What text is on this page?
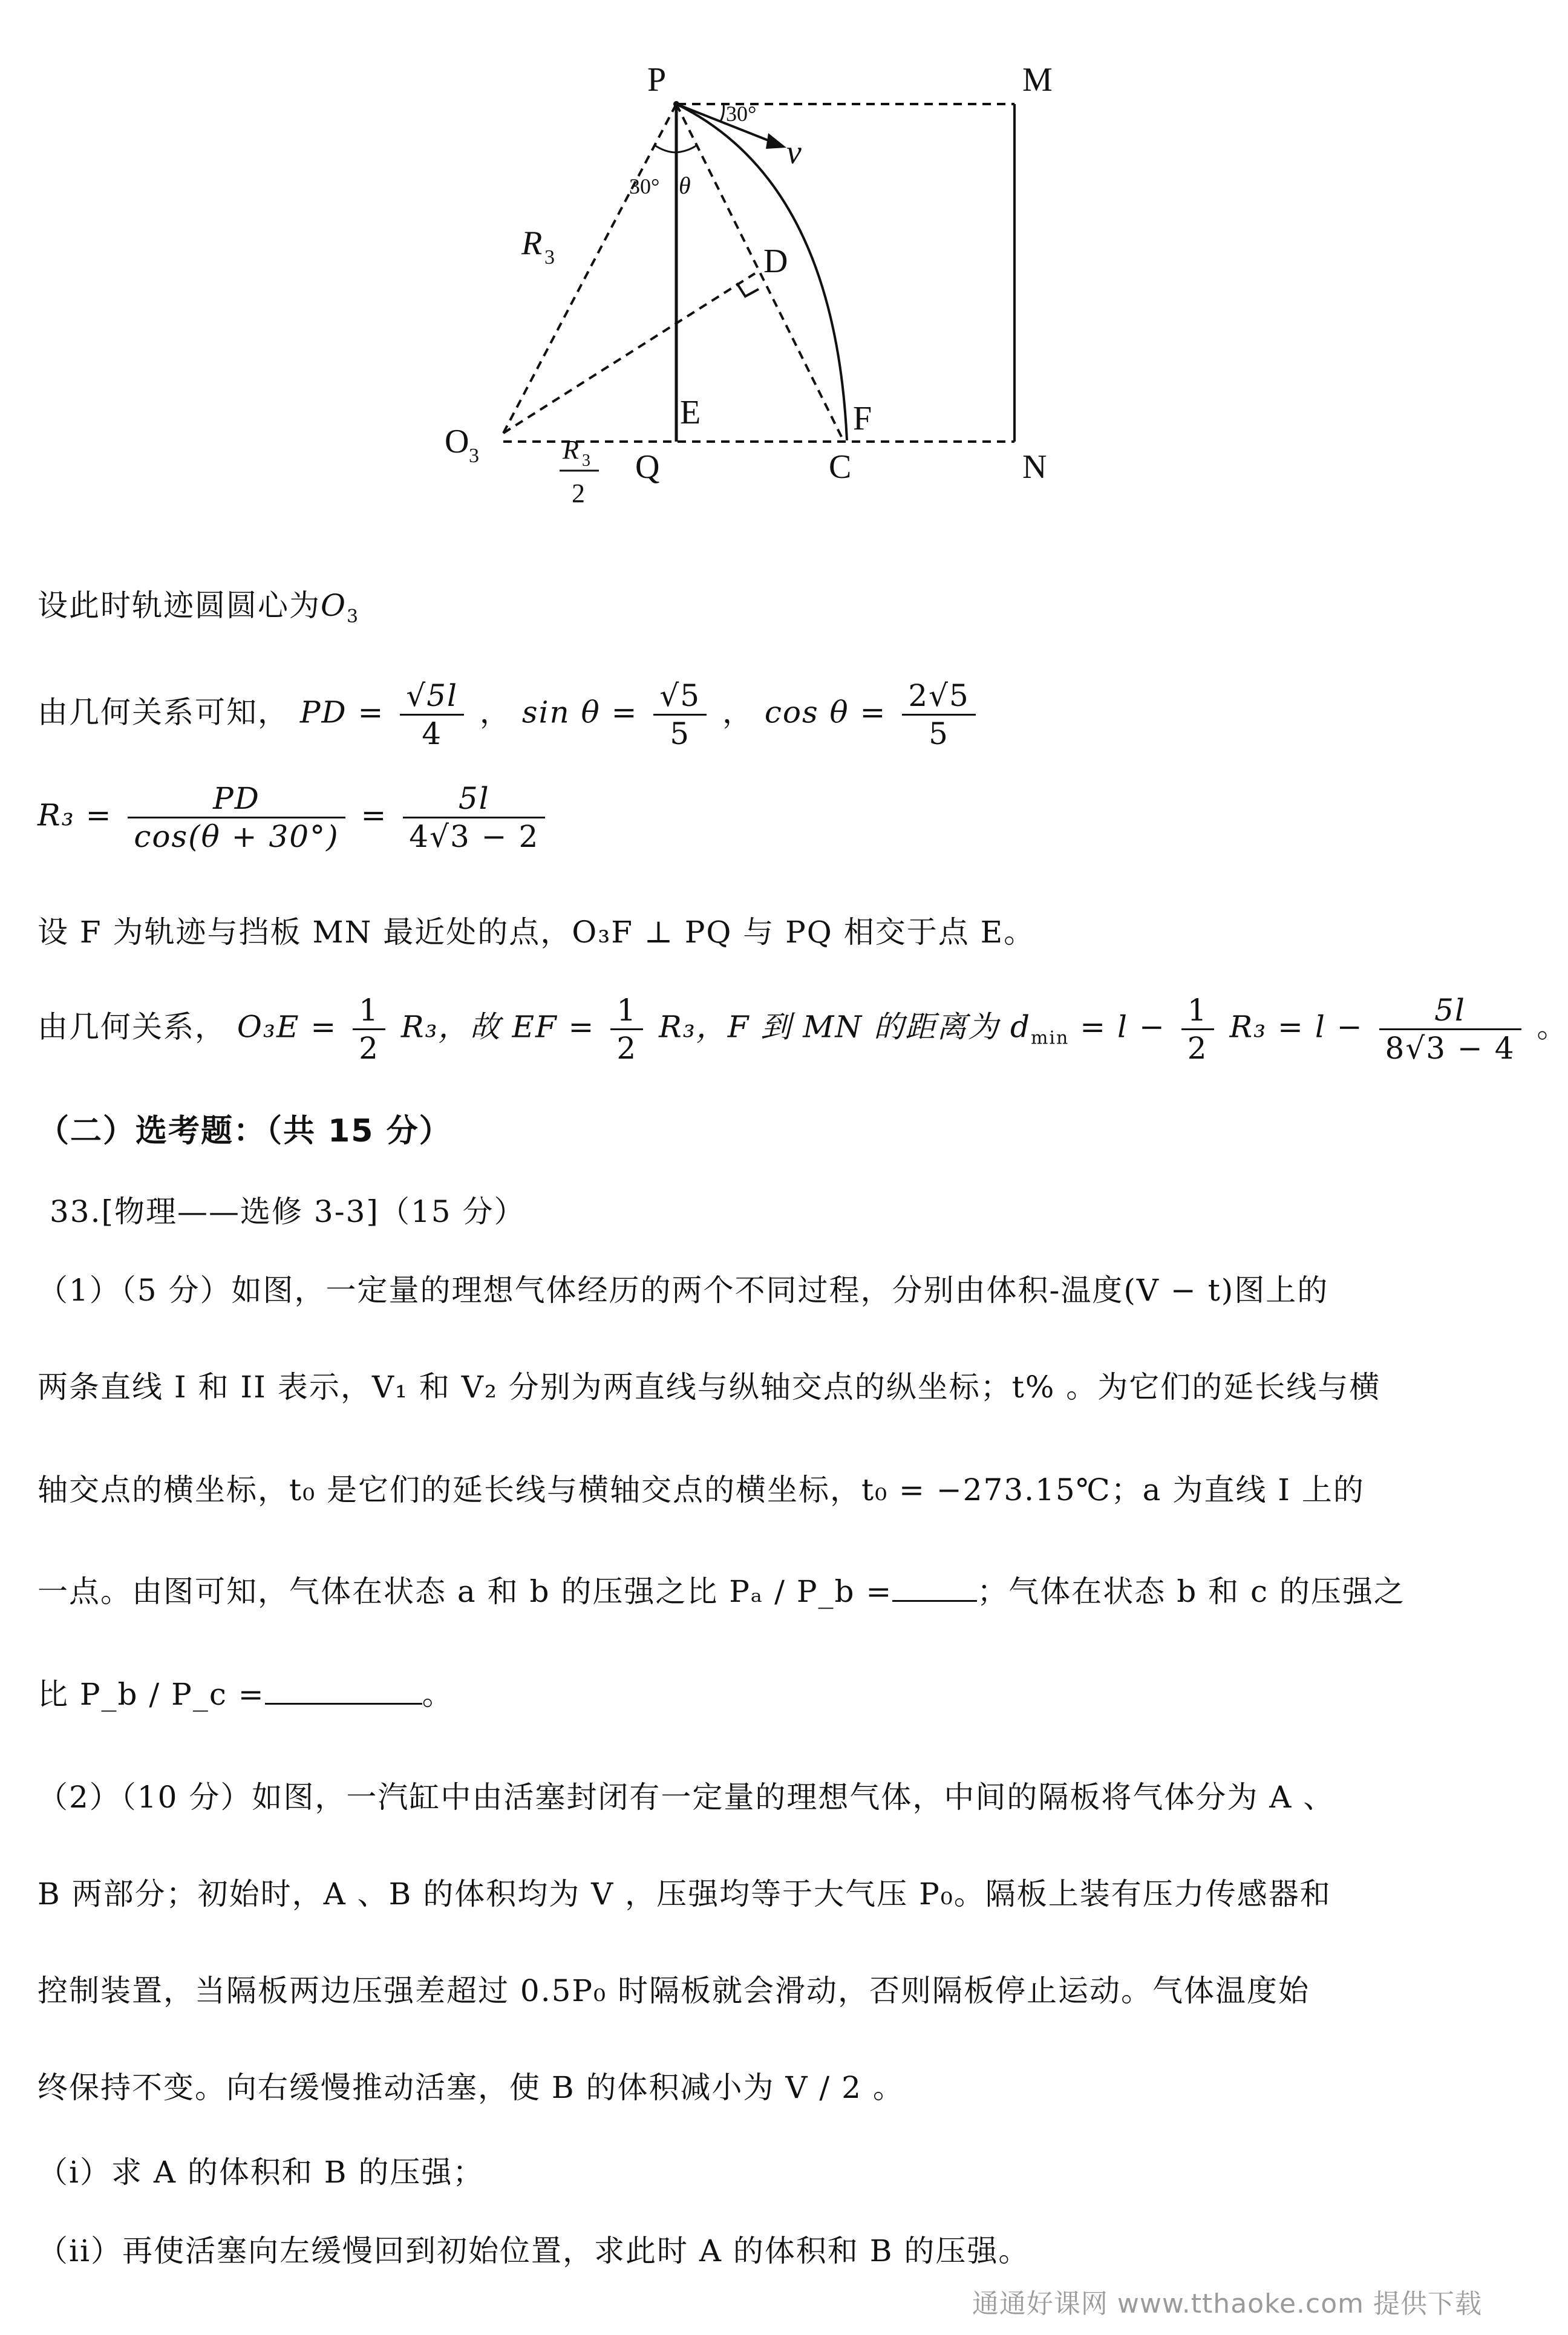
P	M
N
Q	C
E	F
D
O 3
R 3
R 3
2
v
30°
30° θ
设此时轨迹圆圆心为$O_3$
由几何关系可知， PD = $\frac{√5l}{4}$ ， $\sin \theta = \frac{√5}{5}$ ， $\cos \theta = \frac{2√5}{5}$
$R_3 = \frac{PD}{\cos(\theta + 30^\circ)} = \frac{5l}{4√3 - 2}$
设 F 为轨迹与挡板 MN 最近处的点，O₃F ⊥ PQ 与 PQ 相交于点 E。
由几何关系， $O_3E = \frac{1}{2} R_3$，故 EF = $\frac{1}{2} R_3$，F 到 MN 的距离为 $d_{min} = l - \frac{1}{2} R_3 = l - \frac{5l}{8√3 - 4}$ 。
（二）选考题：（共 15 分）
33.[物理——选修 3-3]（15 分）
（1）（5 分）如图，一定量的理想气体经历的两个不同过程，分别由体积-温度(V − t)图上的
两条直线 I 和 II 表示，V₁ 和 V₂ 分别为两直线与纵轴交点的纵坐标；t% 。为它们的延长线与横
轴交点的横坐标，t₀ 是它们的延长线与横轴交点的横坐标，t₀ = −273.15℃；a 为直线 I 上的
一点。由图可知，气体在状态 a 和 b 的压强之比 Pₐ / P_b =	；气体在状态 b 和 c 的压强之
比 P_b / P_c =	。
（2）（10 分）如图，一汽缸中由活塞封闭有一定量的理想气体，中间的隔板将气体分为 A 、
B 两部分；初始时，A 、B 的体积均为 V ，压强均等于大气压 P₀。隔板上装有压力传感器和
控制装置，当隔板两边压强差超过 0.5P₀ 时隔板就会滑动，否则隔板停止运动。气体温度始
终保持不变。向右缓慢推动活塞，使 B 的体积减小为 V / 2 。
（i）求 A 的体积和 B 的压强；
（ii）再使活塞向左缓慢回到初始位置，求此时 A 的体积和 B 的压强。
通通好课网 www.tthaoke.com 提供下载
